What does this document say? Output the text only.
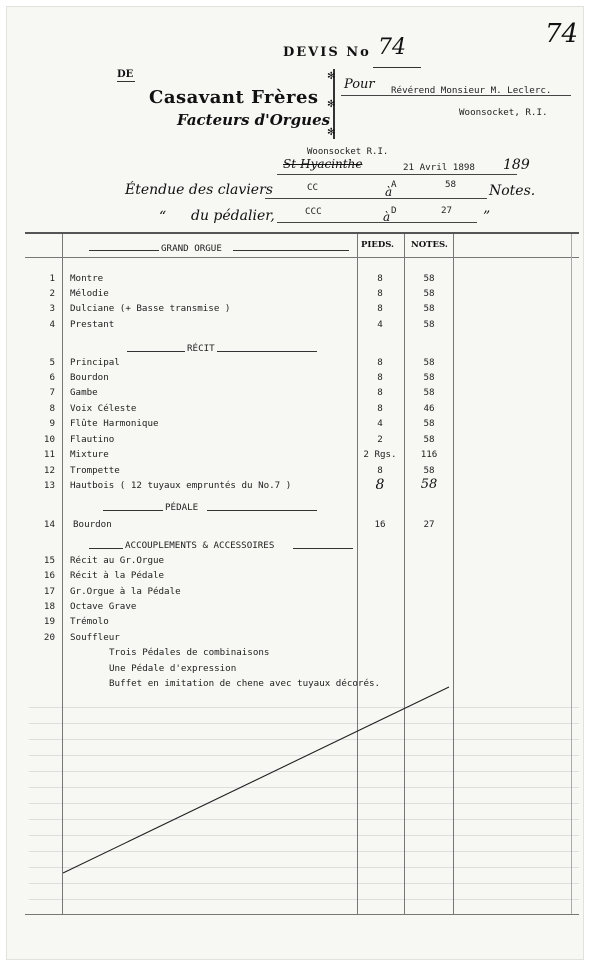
DEVIS No 74	74
DE
Casavant Frères
Facteurs d'Orgues
✻
✻
✻
Pour Révérend Monsieur M. Leclerc.
Woonsocket, R.I.
Woonsocket R.I.
St-Hyacinthe	21 Avril 1898 189
Étendue des claviers	CC	à
A	58 Notes.
“ du pédalier,	CCC	à D	27 ”
PIEDS. NOTES.
GRAND ORGUE
RÉCIT
PÉDALE
ACCOUPLEMENTS & ACCESSOIRES
1 Montre	8	58
2 Mélodie	8	58
3 Dulciane (+ Basse transmise )	8	58
4 Prestant	4	58
5 Principal	8	58
6 Bourdon	8	58
7 Gambe	8	58
8 Voix Céleste	8	46
9 Flûte Harmonique	4	58
10 Flautino	2	58
11 Mixture	2 Rgs.	116
12 Trompette	8	58
13 Hautbois ( 12 tuyaux empruntés du No.7 )	8	58
14 Bourdon	16	27
15 Récit au Gr.Orgue
16 Récit à la Pédale
17 Gr.Orgue à la Pédale
18 Octave Grave
19 Trémolo
20 Souffleur
Trois Pédales de combinaisons
Une Pédale d'expression
Buffet en imitation de chene avec tuyaux décorés.
